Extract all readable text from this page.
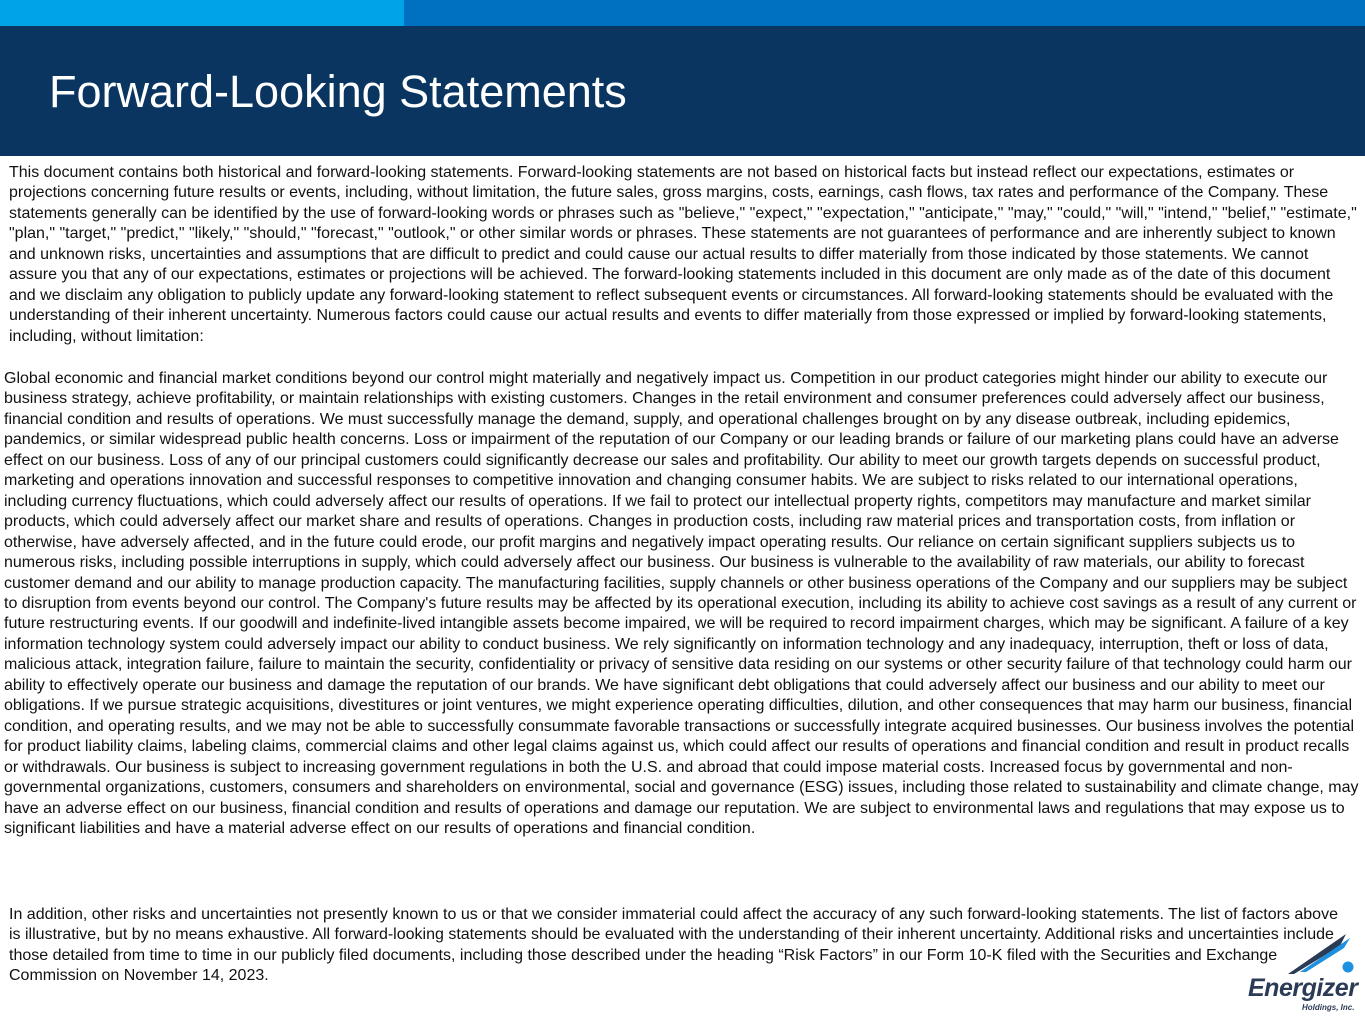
Forward-Looking Statements

This document contains both historical and forward-looking statements. Forward-looking statements are not based on historical facts but instead reflect our expectations, estimates or projections concerning future results or events, including, without limitation, the future sales, gross margins, costs, earnings, cash flows, tax rates and performance of the Company. These statements generally can be identified by the use of forward-looking words or phrases such as "believe," "expect," "expectation," "anticipate," "may," "could," "will," "intend," "belief," "estimate," "plan," "target," "predict," "likely," "should," "forecast," "outlook," or other similar words or phrases. These statements are not guarantees of performance and are inherently subject to known and unknown risks, uncertainties and assumptions that are difficult to predict and could cause our actual results to differ materially from those indicated by those statements. We cannot assure you that any of our expectations, estimates or projections will be achieved. The forward-looking statements included in this document are only made as of the date of this document and we disclaim any obligation to publicly update any forward-looking statement to reflect subsequent events or circumstances. All forward-looking statements should be evaluated with the understanding of their inherent uncertainty. Numerous factors could cause our actual results and events to differ materially from those expressed or implied by forward-looking statements, including, without limitation:

Global economic and financial market conditions beyond our control might materially and negatively impact us. Competition in our product categories might hinder our ability to execute our business strategy, achieve profitability, or maintain relationships with existing customers. Changes in the retail environment and consumer preferences could adversely affect our business, financial condition and results of operations. We must successfully manage the demand, supply, and operational challenges brought on by any disease outbreak, including epidemics, pandemics, or similar widespread public health concerns. Loss or impairment of the reputation of our Company or our leading brands or failure of our marketing plans could have an adverse effect on our business. Loss of any of our principal customers could significantly decrease our sales and profitability. Our ability to meet our growth targets depends on successful product, marketing and operations innovation and successful responses to competitive innovation and changing consumer habits. We are subject to risks related to our international operations, including currency fluctuations, which could adversely affect our results of operations. If we fail to protect our intellectual property rights, competitors may manufacture and market similar products, which could adversely affect our market share and results of operations. Changes in production costs, including raw material prices and transportation costs, from inflation or otherwise, have adversely affected, and in the future could erode, our profit margins and negatively impact operating results. Our reliance on certain significant suppliers subjects us to numerous risks, including possible interruptions in supply, which could adversely affect our business. Our business is vulnerable to the availability of raw materials, our ability to forecast customer demand and our ability to manage production capacity. The manufacturing facilities, supply channels or other business operations of the Company and our suppliers may be subject to disruption from events beyond our control. The Company's future results may be affected by its operational execution, including its ability to achieve cost savings as a result of any current or future restructuring events. If our goodwill and indefinite-lived intangible assets become impaired, we will be required to record impairment charges, which may be significant. A failure of a key information technology system could adversely impact our ability to conduct business. We rely significantly on information technology and any inadequacy, interruption, theft or loss of data, malicious attack, integration failure, failure to maintain the security, confidentiality or privacy of sensitive data residing on our systems or other security failure of that technology could harm our ability to effectively operate our business and damage the reputation of our brands. We have significant debt obligations that could adversely affect our business and our ability to meet our obligations. If we pursue strategic acquisitions, divestitures or joint ventures, we might experience operating difficulties, dilution, and other consequences that may harm our business, financial condition, and operating results, and we may not be able to successfully consummate favorable transactions or successfully integrate acquired businesses. Our business involves the potential for product liability claims, labeling claims, commercial claims and other legal claims against us, which could affect our results of operations and financial condition and result in product recalls or withdrawals. Our business is subject to increasing government regulations in both the U.S. and abroad that could impose material costs. Increased focus by governmental and non-governmental organizations, customers, consumers and shareholders on environmental, social and governance (ESG) issues, including those related to sustainability and climate change, may have an adverse effect on our business, financial condition and results of operations and damage our reputation. We are subject to environmental laws and regulations that may expose us to significant liabilities and have a material adverse effect on our results of operations and financial condition.

In addition, other risks and uncertainties not presently known to us or that we consider immaterial could affect the accuracy of any such forward-looking statements. The list of factors above is illustrative, but by no means exhaustive. All forward-looking statements should be evaluated with the understanding of their inherent uncertainty. Additional risks and uncertainties include those detailed from time to time in our publicly filed documents, including those described under the heading “Risk Factors” in our Form 10-K filed with the Securities and Exchange Commission on November 14, 2023.	Energizer
Holdings, Inc.
